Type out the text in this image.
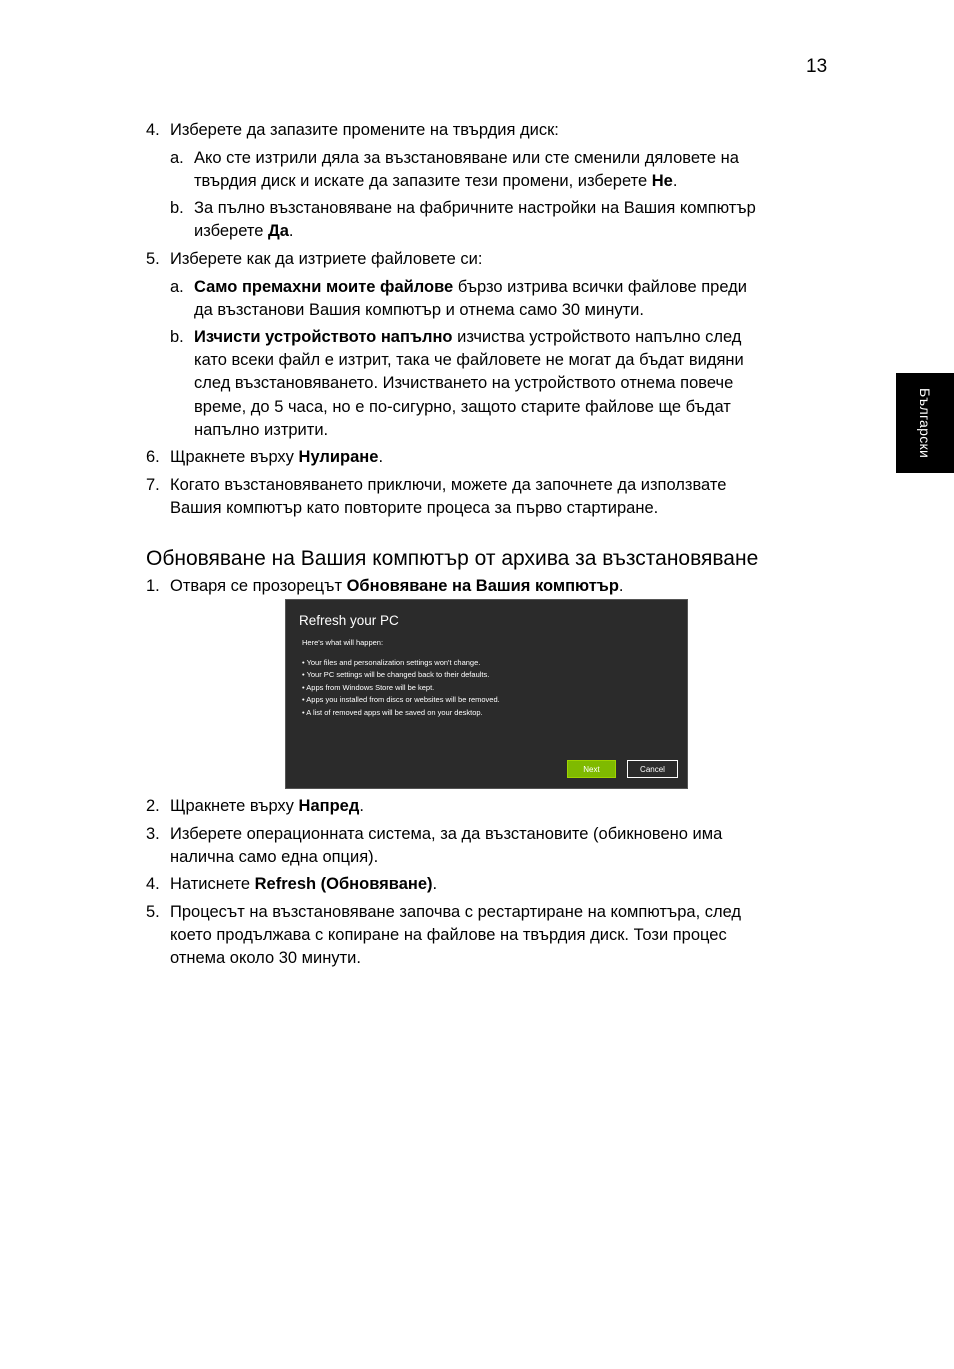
13
Български
4. Изберете да запазите промените на твърдия диск:
a. Ако сте изтрили дяла за възстановяване или сте сменили дяловете на
твърдия диск и искате да запазите тези промени, изберете Не.
b. За пълно възстановяване на фабричните настройки на Вашия компютър
изберете Да.
5. Изберете как да изтриете файловете си:
a. Само премахни моите файлове бързо изтрива всички файлове преди
да възстанови Вашия компютър и отнема само 30 минути.
b. Изчисти устройството напълно изчиства устройството напълно след
като всеки файл е изтрит, така че файловете не могат да бъдат видяни
след възстановяването. Изчистването на устройството отнема повече
време, до 5 часа, но е по-сигурно, защото старите файлове ще бъдат
напълно изтрити.
6. Щракнете върху Нулиране.
7. Когато възстановяването приключи, можете да започнете да използвате
Вашия компютър като повторите процеса за първо стартиране.
Обновяване на Вашия компютър от архива за възстановяване
1. Отваря се прозорецът Обновяване на Вашия компютър.
Refresh your PC
Here's what will happen:
• Your files and personalization settings won't change.
• Your PC settings will be changed back to their defaults.
• Apps from Windows Store will be kept.
• Apps you installed from discs or websites will be removed.
• A list of removed apps will be saved on your desktop.
Next	Cancel
2. Щракнете върху Напред.
3. Изберете операционната система, за да възстановите (обикновено има
налична само една опция).
4. Натиснете Refresh (Обновяване).
5. Процесът на възстановяване започва с рестартиране на компютъра, след
което продължава с копиране на файлове на твърдия диск. Този процес
отнема около 30 минути.
